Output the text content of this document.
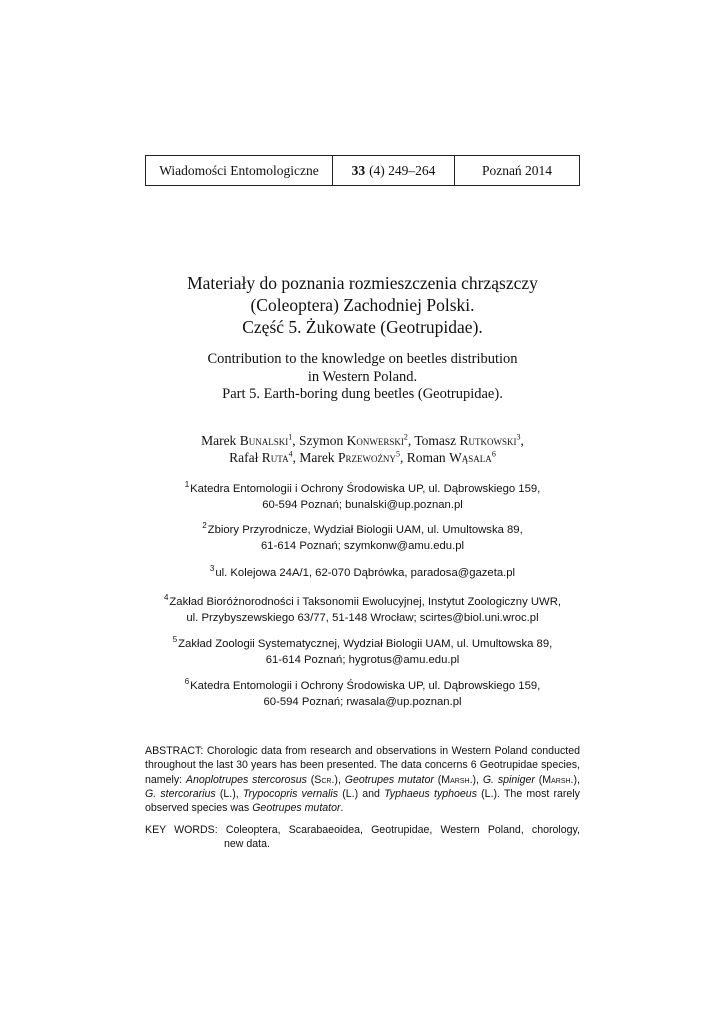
Wiadomości Entomologiczne	33 (4) 249–264	Poznań 2014
Materiały do poznania rozmieszczenia chrząszczy
(Coleoptera) Zachodniej Polski.
Część 5. Żukowate (Geotrupidae).
Contribution to the knowledge on beetles distribution
in Western Poland.
Part 5. Earth-boring dung beetles (Geotrupidae).
Marek Bunalski$^1$, Szymon Konwerski$^2$, Tomasz Rutkowski$^3$,
Rafał Ruta$^4$, Marek Przewoźny$^5$, Roman Wąsala$^6$
$^1$ Katedra Entomologii i Ochrony Środowiska UP, ul. Dąbrowskiego 159,
60-594 Poznań; bunalski@up.poznan.pl
$^2$ Zbiory Przyrodnicze, Wydział Biologii UAM, ul. Umultowska 89,
61-614 Poznań; szymkonw@amu.edu.pl
$^3$ ul. Kolejowa 24A/1, 62-070 Dąbrówka, paradosa@gazeta.pl
$^4$ Zakład Bioróżnorodności i Taksonomii Ewolucyjnej, Instytut Zoologiczny UWR,
ul. Przybyszewskiego 63/77, 51-148 Wrocław; scirtes@biol.uni.wroc.pl
$^5$ Zakład Zoologii Systematycznej, Wydział Biologii UAM, ul. Umultowska 89,
61-614 Poznań; hygrotus@amu.edu.pl
$^6$ Katedra Entomologii i Ochrony Środowiska UP, ul. Dąbrowskiego 159,
60-594 Poznań; rwasala@up.poznan.pl
ABSTRACT: Chorologic data from research and observations in Western Poland conducted throughout the last 30 years has been presented. The data concerns 6 Geotrupidae species, namely: Anoplotrupes stercorosus (Scr.), Geotrupes mutator (Marsh.), G. spiniger (Marsh.), G. stercorarius (L.), Trypocopris vernalis (L.) and Typhaeus typhoeus (L.). The most rarely observed species was Geotrupes mutator.
KEY WORDS: Coleoptera, Scarabaeoidea, Geotrupidae, Western Poland, chorology,
new data.
